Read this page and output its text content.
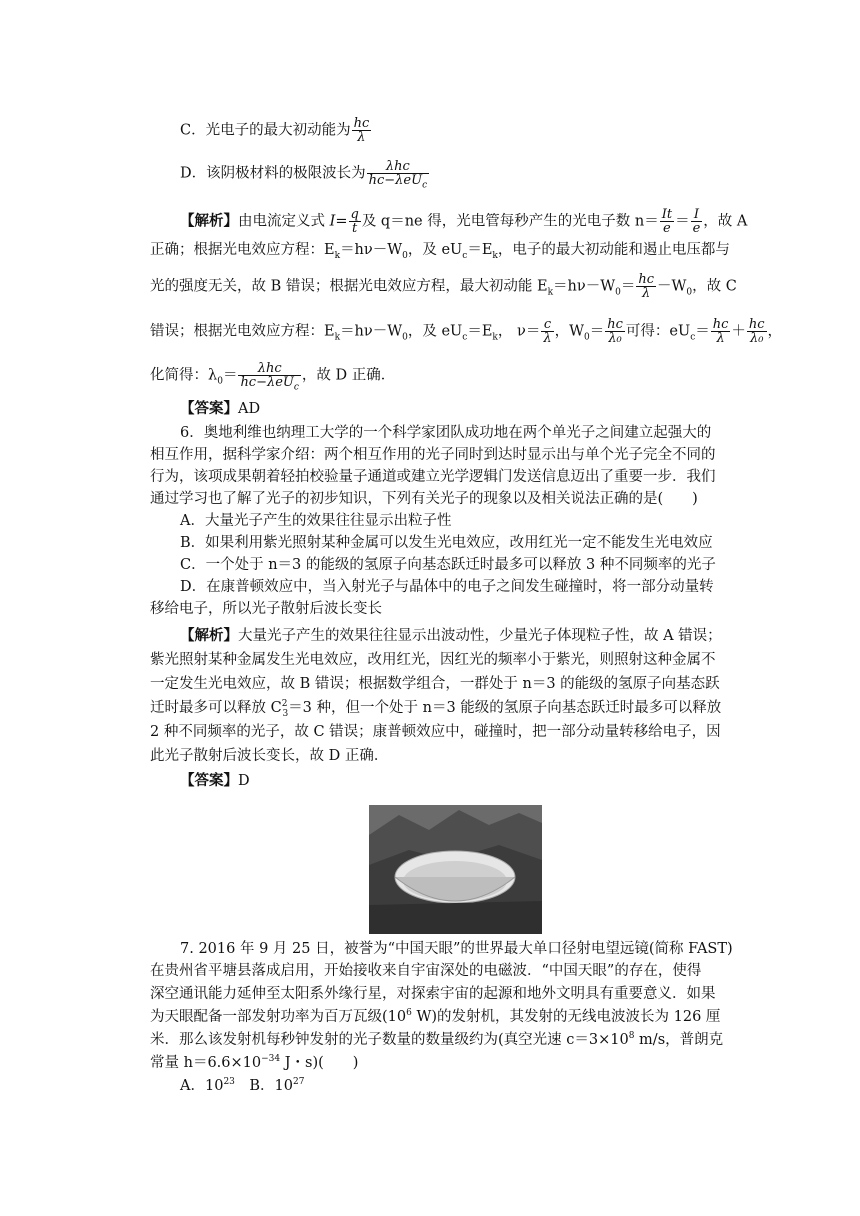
C．光电子的最大初动能为 $\frac{hc}{\lambda}$
D．该阴极材料的极限波长为 $\frac{\text{λhc}}{hc-\lambda eU_c}$
【解析】由电流定义式 $I= \frac{q}{t}$ 及 q＝ne 得，光电管每秒产生的光电子数 $n= \frac{It}{e} = \frac{I}{e}$ ，故 A
正确；根据光电效应方程：$E_k=h\nu-W_0$，及 $eU_c=E_k$，电子的最大初动能和遏止电压都与
光的强度无关，故 B 错误；根据光电效应方程，最大初动能 $E_k=h\nu-W_0= \frac{hc}{\lambda} -W_0$，故 C
错误；根据光电效应方程：$E_k=h\nu-W_0$，及 $eU_c=E_k$， $\nu= \frac{c}{\lambda}$ ，$W_0= \frac{hc}{\text{λ₀}}$ 可得：$eU_c= \frac{hc}{\lambda} + \frac{hc}{\text{λ₀}}$ ，
化简得：$\lambda_0= \frac{\text{λhc}}{hc-\lambda eU_c}$ ，故 D 正确．
【答案】AD
6．奥地利维也纳理工大学的一个科学家团队成功地在两个单光子之间建立起强大的
相互作用，据科学家介绍：两个相互作用的光子同时到达时显示出与单个光子完全不同的
行为，该项成果朝着轻拍校验量子通道或建立光学逻辑门发送信息迈出了重要一步．我们
通过学习也了解了光子的初步知识，下列有关光子的现象以及相关说法正确的是(　　)
A．大量光子产生的效果往往显示出粒子性
B．如果利用紫光照射某种金属可以发生光电效应，改用红光一定不能发生光电效应
C．一个处于 n＝3 的能级的氢原子向基态跃迁时最多可以释放 3 种不同频率的光子
D．在康普顿效应中，当入射光子与晶体中的电子之间发生碰撞时，将一部分动量转
移给电子，所以光子散射后波长变长
【解析】大量光子产生的效果往往显示出波动性，少量光子体现粒子性，故 A 错误；
紫光照射某种金属发生光电效应，改用红光，因红光的频率小于紫光，则照射这种金属不
一定发生光电效应，故 B 错误；根据数学组合，一群处于 n＝3 的能级的氢原子向基态跃
迁时最多可以释放 $C^2_3=3$ 种，但一个处于 n＝3 能级的氢原子向基态跃迁时最多可以释放
2 种不同频率的光子，故 C 错误；康普顿效应中，碰撞时，把一部分动量转移给电子，因
此光子散射后波长变长，故 D 正确．
【答案】D
7. 2016 年 9 月 25 日，被誉为“中国天眼”的世界最大单口径射电望远镜(简称 FAST)
在贵州省平塘县落成启用，开始接收来自宇宙深处的电磁波．“中国天眼”的存在，使得
深空通讯能力延伸至太阳系外缘行星，对探索宇宙的起源和地外文明具有重要意义．如果
为天眼配备一部发射功率为百万瓦级($10^6$ W)的发射机，其发射的无线电波波长为 126 厘
米．那么该发射机每秒钟发射的光子数量的数量级约为(真空光速 $c=3\times 10^8$ m/s，普朗克
常量 $h=6.6\times 10^{-34}$ J・s)(　　)
A．$10^{23}$　B．$10^{27}$
